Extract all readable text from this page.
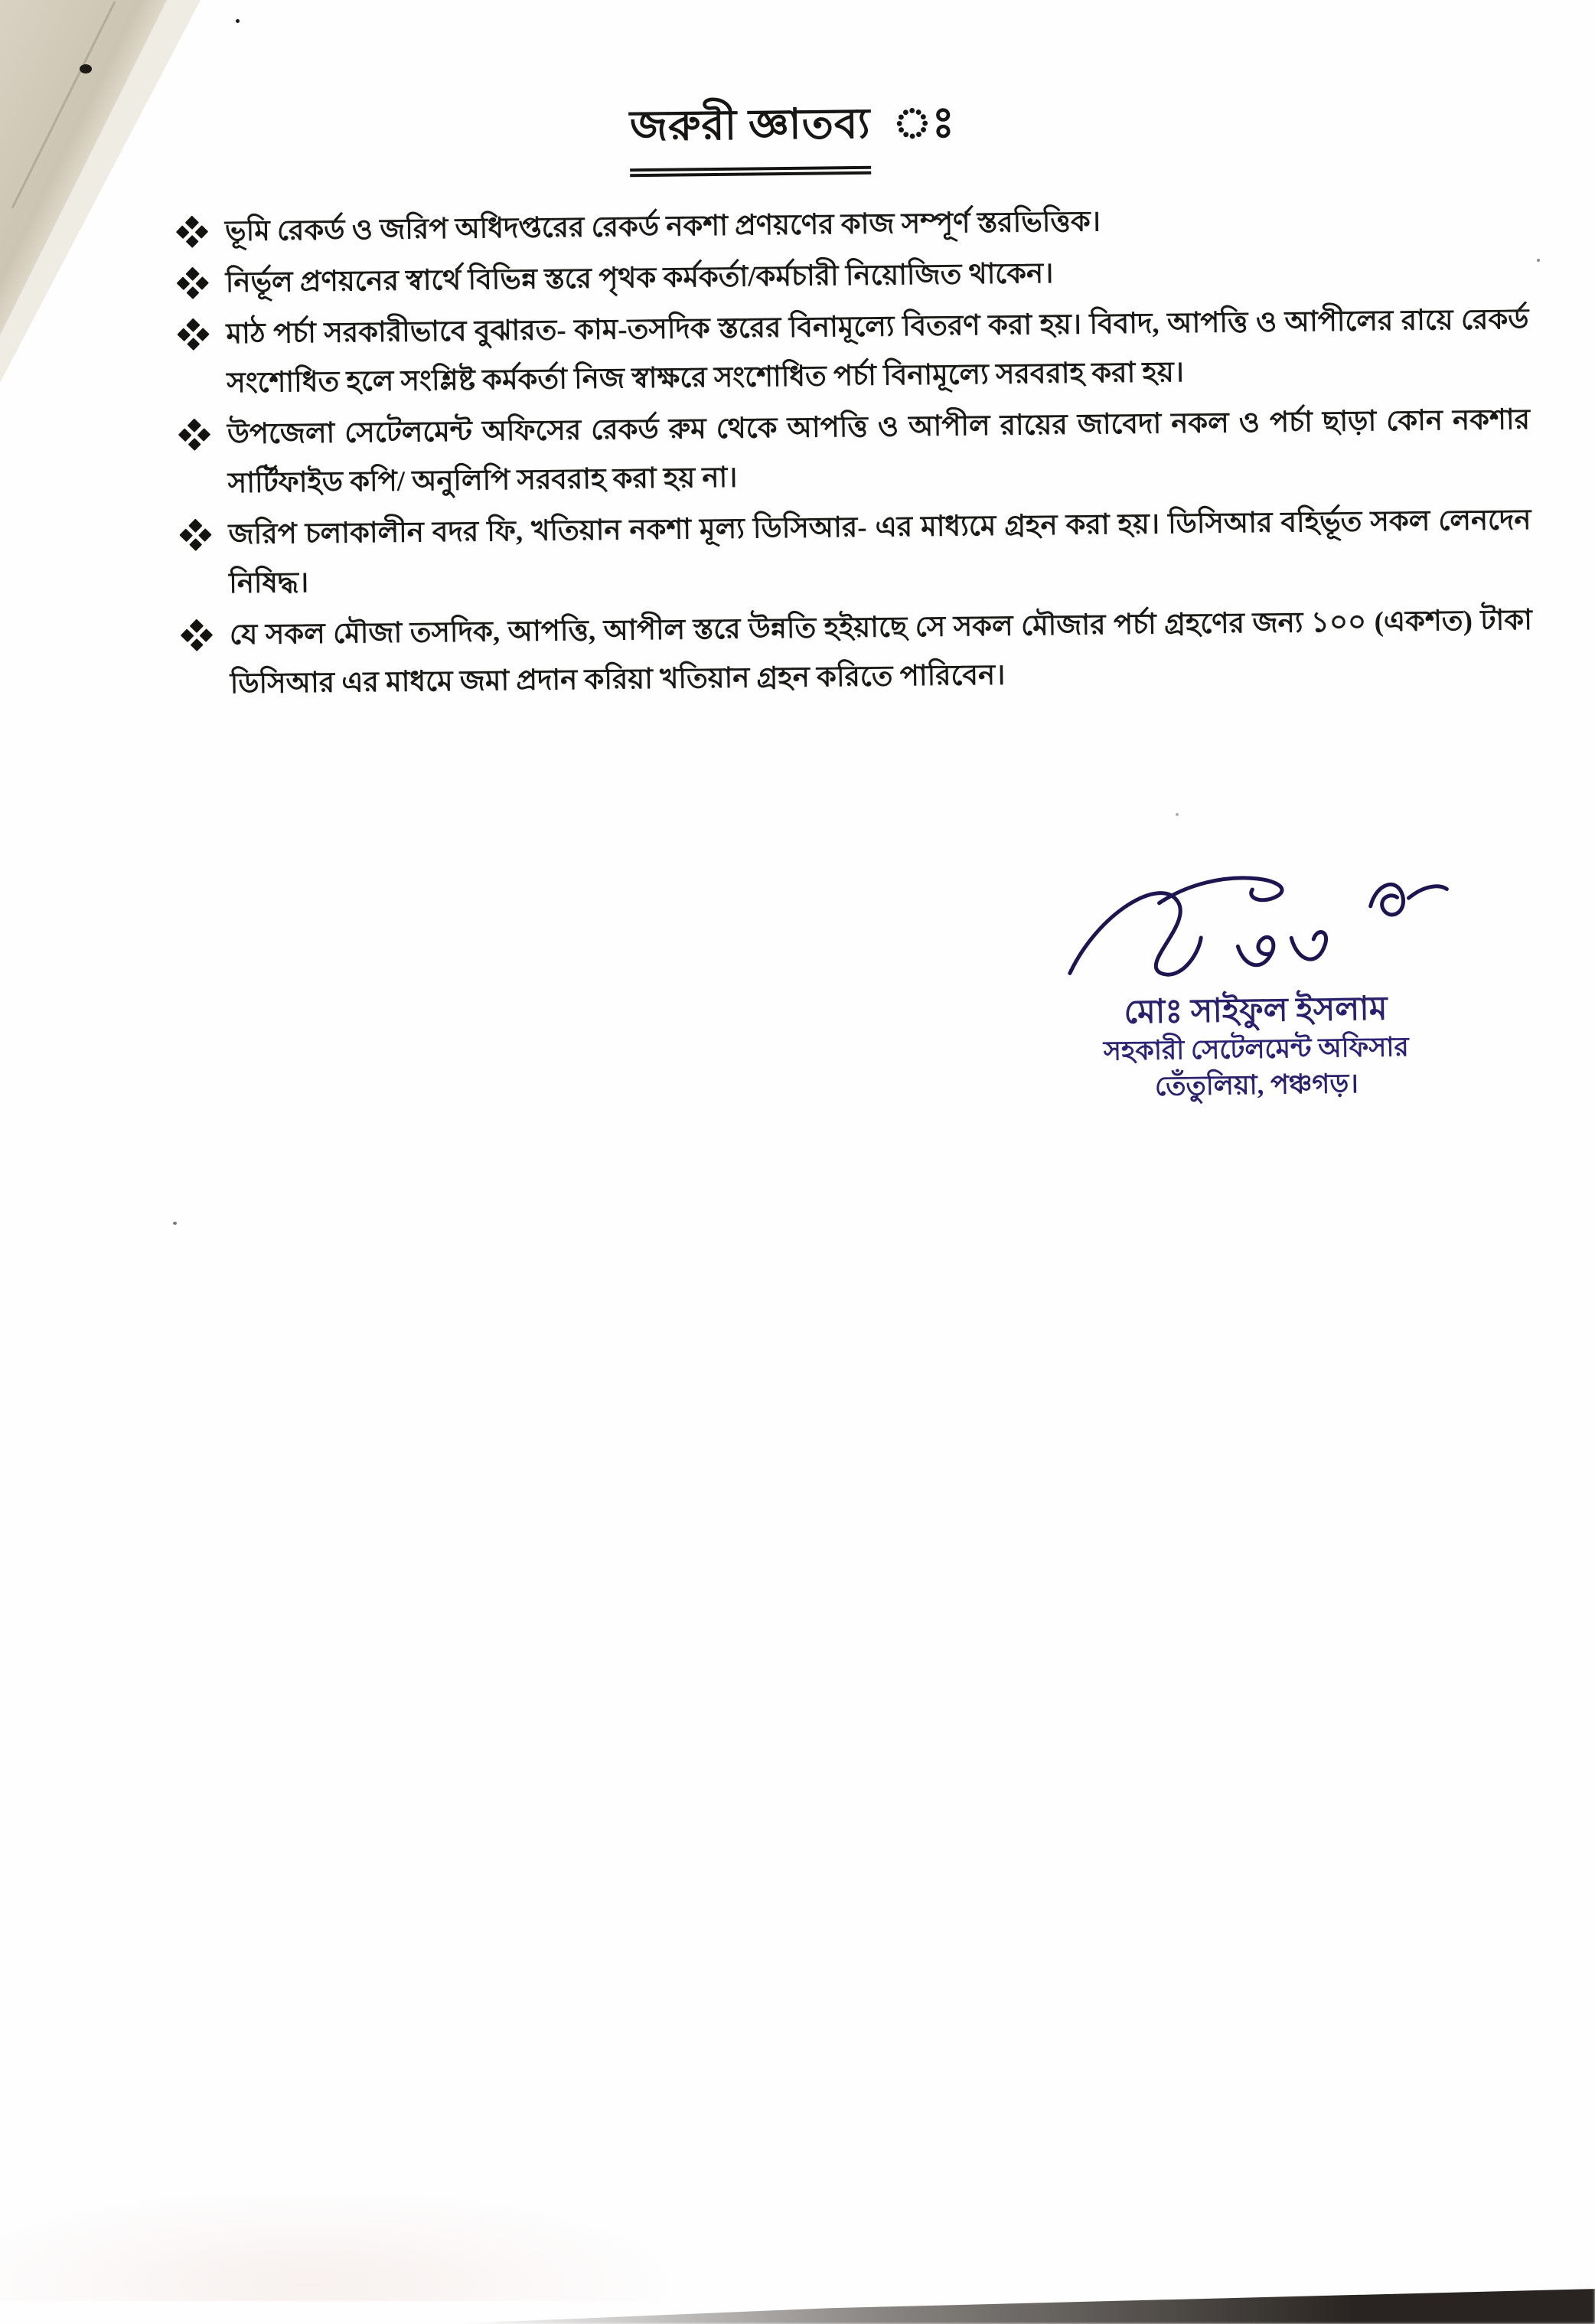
জরুরী জ্ঞাতব্য ঃ

ভূমি রেকর্ড ও জরিপ অধিদপ্তরের রেকর্ড নকশা প্রণয়ণের কাজ সম্পূর্ণ স্তরভিত্তিক।

নির্ভূল প্রণয়নের স্বার্থে বিভিন্ন স্তরে পৃথক কর্মকর্তা/কর্মচারী নিয়োজিত থাকেন।

মাঠ পর্চা সরকারীভাবে বুঝারত- কাম-তসদিক স্তরের বিনামূল্যে বিতরণ করা হয়। বিবাদ, আপত্তি ও আপীলের রায়ে রেকর্ড সংশোধিত হলে সংশ্লিষ্ট কর্মকর্তা নিজ স্বাক্ষরে সংশোধিত পর্চা বিনামূল্যে সরবরাহ করা হয়।

উপজেলা সেটেলমেন্ট অফিসের রেকর্ড রুম থেকে আপত্তি ও আপীল রায়ের জাবেদা নকল ও পর্চা ছাড়া কোন নকশার সার্টিফাইড কপি/ অনুলিপি সরবরাহ করা হয় না।

জরিপ চলাকালীন বদর ফি, খতিয়ান নকশা মূল্য ডিসিআর- এর মাধ্যমে গ্রহন করা হয়। ডিসিআর বহির্ভূত সকল লেনদেন নিষিদ্ধ।

যে সকল মৌজা তসদিক, আপত্তি, আপীল স্তরে উন্নতি হইয়াছে সে সকল মৌজার পর্চা গ্রহণের জন্য ১০০ (একশত) টাকা ডিসিআর এর মাধমে জমা প্রদান করিয়া খতিয়ান গ্রহন করিতে পারিবেন।

মোঃ সাইফুল ইসলাম

সহকারী সেটেলমেন্ট অফিসার

তেঁতুলিয়া, পঞ্চগড়।
